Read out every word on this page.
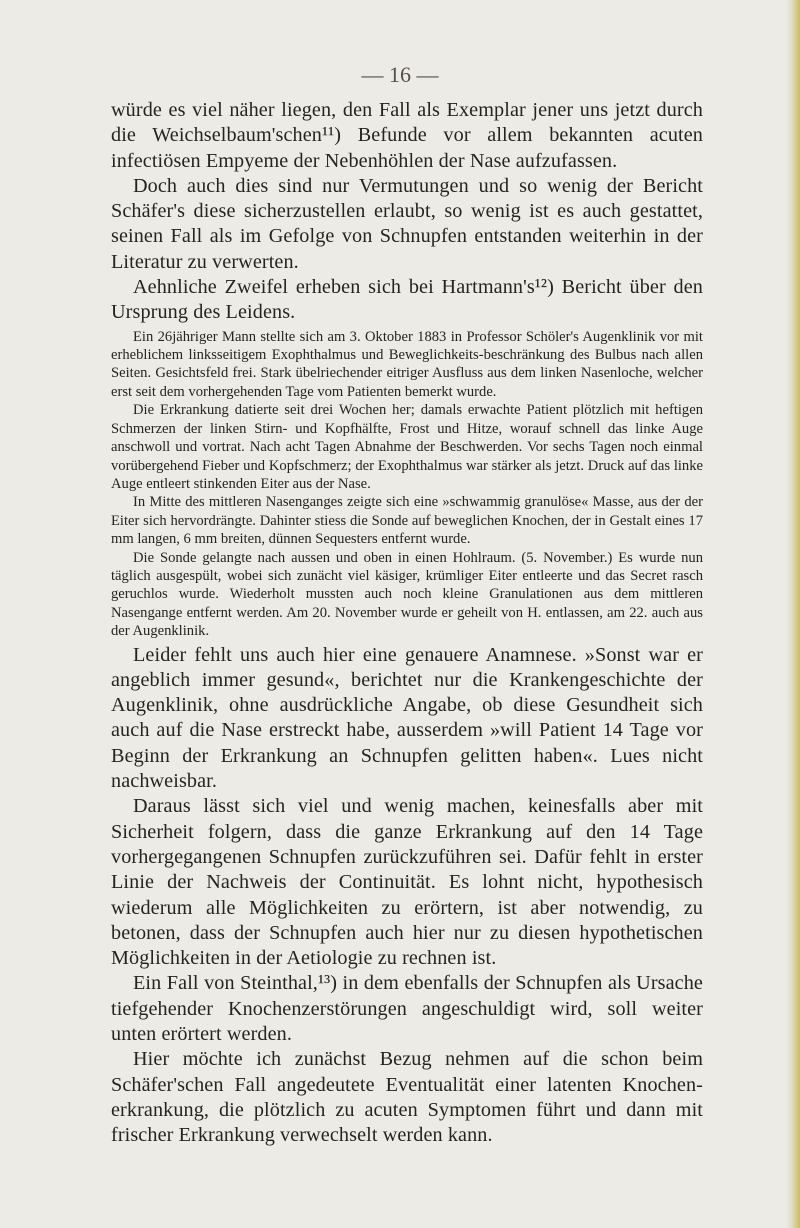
— 16 —

würde es viel näher liegen, den Fall als Exemplar jener uns jetzt durch die Weichselbaum'schen¹¹) Befunde vor allem bekannten acuten infectiösen Empyeme der Nebenhöhlen der Nase aufzufassen.

Doch auch dies sind nur Vermutungen und so wenig der Bericht Schäfer's diese sicherzustellen erlaubt, so wenig ist es auch gestattet, seinen Fall als im Gefolge von Schnupfen entstanden weiterhin in der Literatur zu verwerten.

Aehnliche Zweifel erheben sich bei Hartmann's¹²) Bericht über den Ursprung des Leidens.

Ein 26jähriger Mann stellte sich am 3. Oktober 1883 in Professor Schöler's Augenklinik vor mit erheblichem linksseitigem Exophthalmus und Beweglichkeits-beschränkung des Bulbus nach allen Seiten. Gesichtsfeld frei. Stark übelriechender eitriger Ausfluss aus dem linken Nasenloche, welcher erst seit dem vorhergehenden Tage vom Patienten bemerkt wurde.

Die Erkrankung datierte seit drei Wochen her; damals erwachte Patient plötzlich mit heftigen Schmerzen der linken Stirn- und Kopfhälfte, Frost und Hitze, worauf schnell das linke Auge anschwoll und vortrat. Nach acht Tagen Abnahme der Beschwerden. Vor sechs Tagen noch einmal vorübergehend Fieber und Kopfschmerz; der Exophthalmus war stärker als jetzt. Druck auf das linke Auge entleert stinkenden Eiter aus der Nase.

In Mitte des mittleren Nasenganges zeigte sich eine »schwammig granulöse« Masse, aus der der Eiter sich hervordrängte. Dahinter stiess die Sonde auf beweglichen Knochen, der in Gestalt eines 17 mm langen, 6 mm breiten, dünnen Sequesters entfernt wurde.

Die Sonde gelangte nach aussen und oben in einen Hohlraum. (5. November.) Es wurde nun täglich ausgespült, wobei sich zunächt viel käsiger, krümliger Eiter entleerte und das Secret rasch geruchlos wurde. Wiederholt mussten auch noch kleine Granulationen aus dem mittleren Nasengange entfernt werden. Am 20. November wurde er geheilt von H. entlassen, am 22. auch aus der Augenklinik.

Leider fehlt uns auch hier eine genauere Anamnese. »Sonst war er angeblich immer gesund«, berichtet nur die Krankengeschichte der Augenklinik, ohne ausdrückliche Angabe, ob diese Gesundheit sich auch auf die Nase erstreckt habe, ausserdem »will Patient 14 Tage vor Beginn der Erkrankung an Schnupfen gelitten haben«. Lues nicht nachweisbar.

Daraus lässt sich viel und wenig machen, keinesfalls aber mit Sicherheit folgern, dass die ganze Erkrankung auf den 14 Tage vorhergegangenen Schnupfen zurückzuführen sei. Dafür fehlt in erster Linie der Nachweis der Continuität. Es lohnt nicht, hypothesisch wiederum alle Möglichkeiten zu erörtern, ist aber notwendig, zu betonen, dass der Schnupfen auch hier nur zu diesen hypothetischen Möglichkeiten in der Aetiologie zu rechnen ist.

Ein Fall von Steinthal,¹³) in dem ebenfalls der Schnupfen als Ursache tiefgehender Knochenzerstörungen angeschuldigt wird, soll weiter unten erörtert werden.

Hier möchte ich zunächst Bezug nehmen auf die schon beim Schäfer'schen Fall angedeutete Eventualität einer latenten Knochen-erkrankung, die plötzlich zu acuten Symptomen führt und dann mit frischer Erkrankung verwechselt werden kann.
